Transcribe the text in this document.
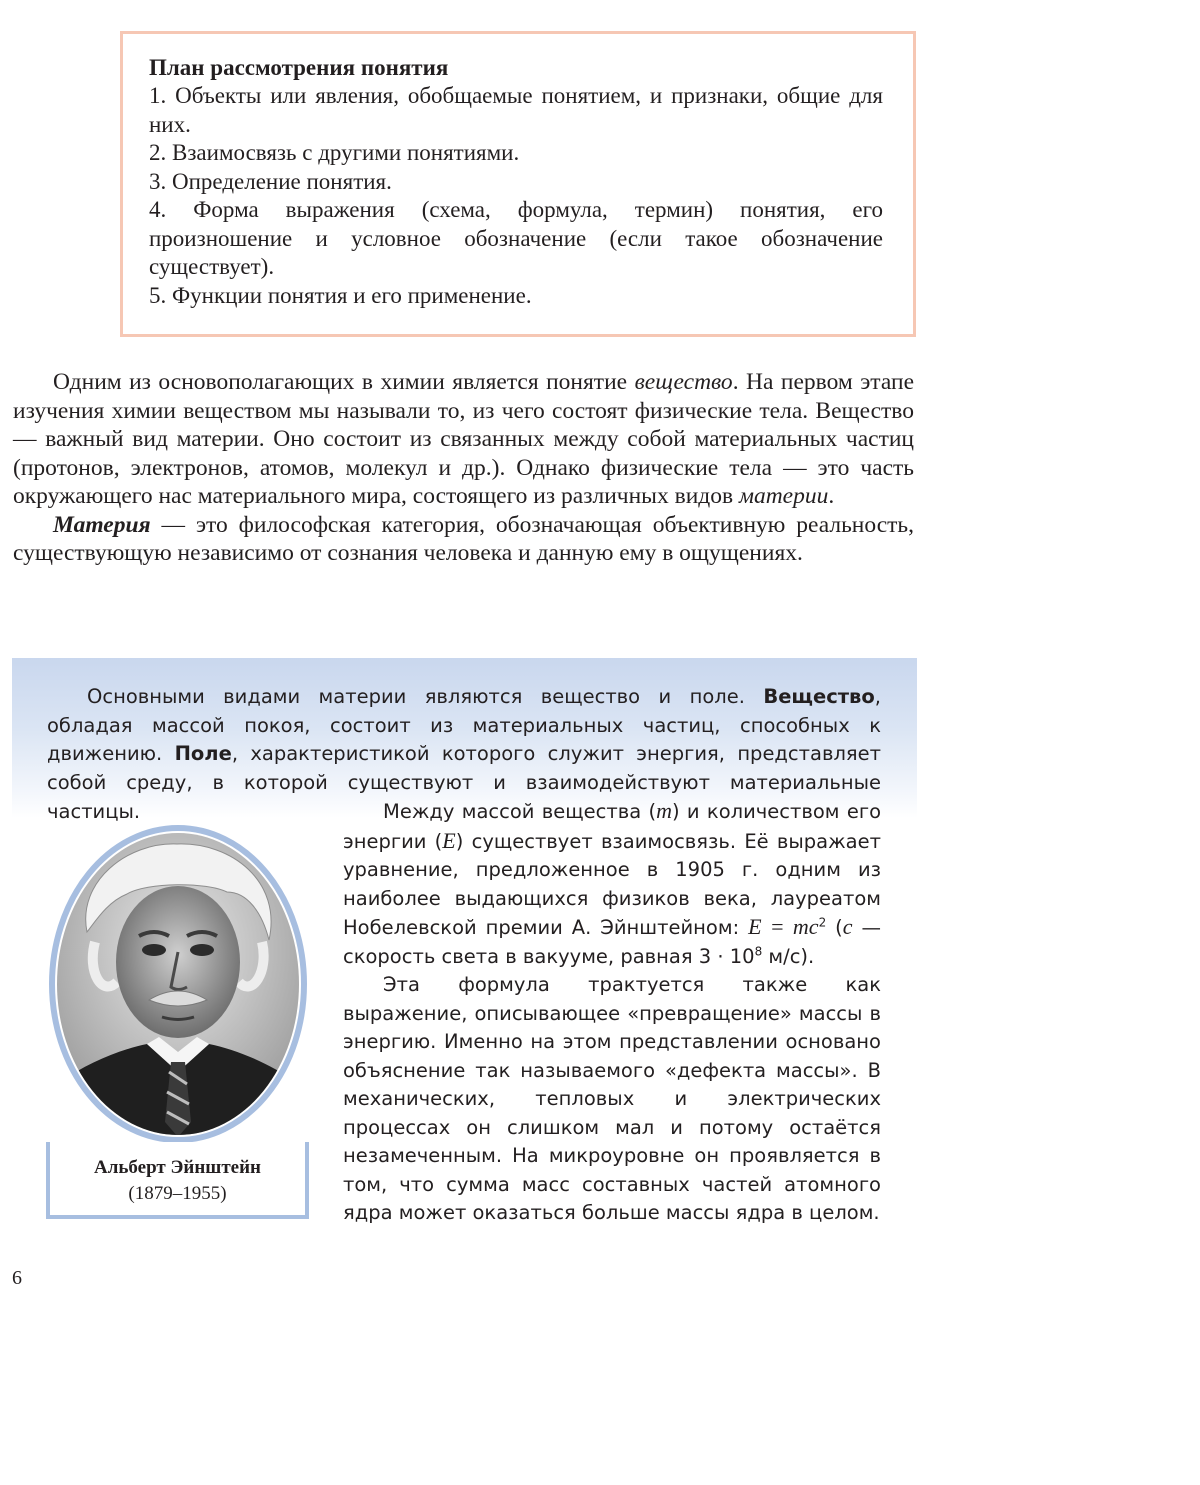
План рассмотрения понятия
1. Объекты или явления, обобщаемые понятием, и признаки, общие для них.
2. Взаимосвязь с другими понятиями.
3. Определение понятия.
4. Форма выражения (схема, формула, термин) понятия, его произношение и условное обозначение (если такое обозначение существует).
5. Функции понятия и его применение.

Одним из основополагающих в химии является понятие вещество. На первом этапе изучения химии веществом мы называли то, из чего состоят физические тела. Вещество — важный вид материи. Оно состоит из связанных между собой материальных частиц (протонов, электронов, атомов, молекул и др.). Однако физические тела — это часть окружающего нас материального мира, состоящего из различных видов материи.

Материя — это философская категория, обозначающая объективную реальность, существующую независимо от сознания человека и данную ему в ощущениях.

Основными видами материи являются вещество и поле. Вещество, обладая массой покоя, состоит из материальных частиц, способных к движению. Поле, характеристикой которого служит энергия, представляет собой среду, в которой существуют и взаимодействуют материальные частицы.

Альберт Эйнштейн
(1879–1955)

Между массой вещества (m) и количеством его энергии (E) существует взаимосвязь. Её выражает уравнение, предложенное в 1905 г. одним из наиболее выдающихся физиков века, лауреатом Нобелевской премии А. Эйнштейном: $E = mc^2$ (c — скорость света в вакууме, равная $3 \cdot 10^8$ м/с).

Эта формула трактуется также как выражение, описывающее «превращение» массы в энергию. Именно на этом представлении основано объяснение так называемого «дефекта массы». В механических, тепловых и электрических процессах он слишком мал и потому остаётся незамеченным. На микроуровне он проявляется в том, что сумма масс составных частей атомного ядра может оказаться больше массы ядра в целом.

6
